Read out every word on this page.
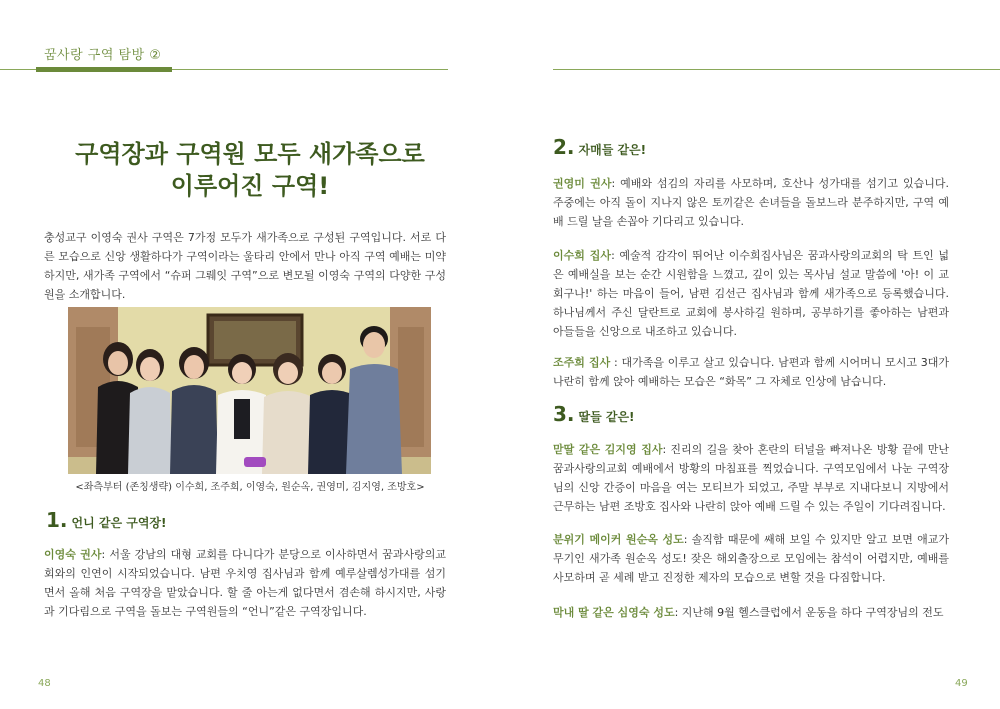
꿈사랑 구역 탐방 ②
구역장과 구역원 모두 새가족으로
이루어진 구역!

충성교구 이영숙 권사 구역은 7가정 모두가 새가족으로 구성된 구역입니다. 서로 다른 모습으로 신앙 생활하다가 구역이라는 울타리 안에서 만나 아직 구역 예배는 미약하지만, 새가족 구역에서 “슈퍼 그뤠잇 구역”으로 변모될 이영숙 구역의 다양한 구성원을 소개합니다.

<좌측부터 (존칭생략) 이수희, 조주희, 이영숙, 원순옥, 권영미, 김지영, 조방호>
1. 언니 같은 구역장!

이영숙 권사: 서울 강남의 대형 교회를 다니다가 분당으로 이사하면서 꿈과사랑의교회와의 인연이 시작되었습니다. 남편 우치영 집사님과 함께 예루살렘성가대를 섬기면서 올해 처음 구역장을 맡았습니다. 할 줄 아는게 없다면서 겸손해 하시지만, 사랑과 기다림으로 구역을 돌보는 구역원들의 “언니”같은 구역장입니다.

48
2. 자매들 같은!

권영미 권사: 예배와 섬김의 자리를 사모하며, 호산나 성가대를 섬기고 있습니다. 주중에는 아직 돌이 지나지 않은 토끼같은 손녀들을 돌보느라 분주하지만, 구역 예배 드릴 날을 손꼽아 기다리고 있습니다.

이수희 집사: 예술적 감각이 뛰어난 이수희집사님은 꿈과사랑의교회의 탁 트인 넓은 예배실을 보는 순간 시원함을 느꼈고, 깊이 있는 목사님 설교 말씀에 '아! 이 교회구나!' 하는 마음이 들어, 남편 김선근 집사님과 함께 새가족으로 등록했습니다. 하나님께서 주신 달란트로 교회에 봉사하길 원하며, 공부하기를 좋아하는 남편과 아들들을 신앙으로 내조하고 있습니다.

조주희 집사 : 대가족을 이루고 살고 있습니다. 남편과 함께 시어머니 모시고 3대가 나란히 함께 앉아 예배하는 모습은 “화목” 그 자체로 인상에 남습니다.

3. 딸들 같은!

맏딸 같은 김지영 집사: 진리의 길을 찾아 혼란의 터널을 빠져나온 방황 끝에 만난 꿈과사랑의교회 예배에서 방황의 마침표를 찍었습니다. 구역모임에서 나눈 구역장님의 신앙 간증이 마음을 여는 모티브가 되었고, 주말 부부로 지내다보니 지방에서 근무하는 남편 조방호 집사와 나란히 앉아 예배 드릴 수 있는 주일이 기다려집니다.

분위기 메이커 원순옥 성도: 솔직함 때문에 쌔해 보일 수 있지만 알고 보면 애교가 무기인 새가족 원순옥 성도! 잦은 해외출장으로 모임에는 참석이 어렵지만, 예배를 사모하며 곧 세례 받고 진정한 제자의 모습으로 변할 것을 다짐합니다.

막내 딸 같은 심영숙 성도: 지난해 9월 헬스클럽에서 운동을 하다 구역장님의 전도

49
